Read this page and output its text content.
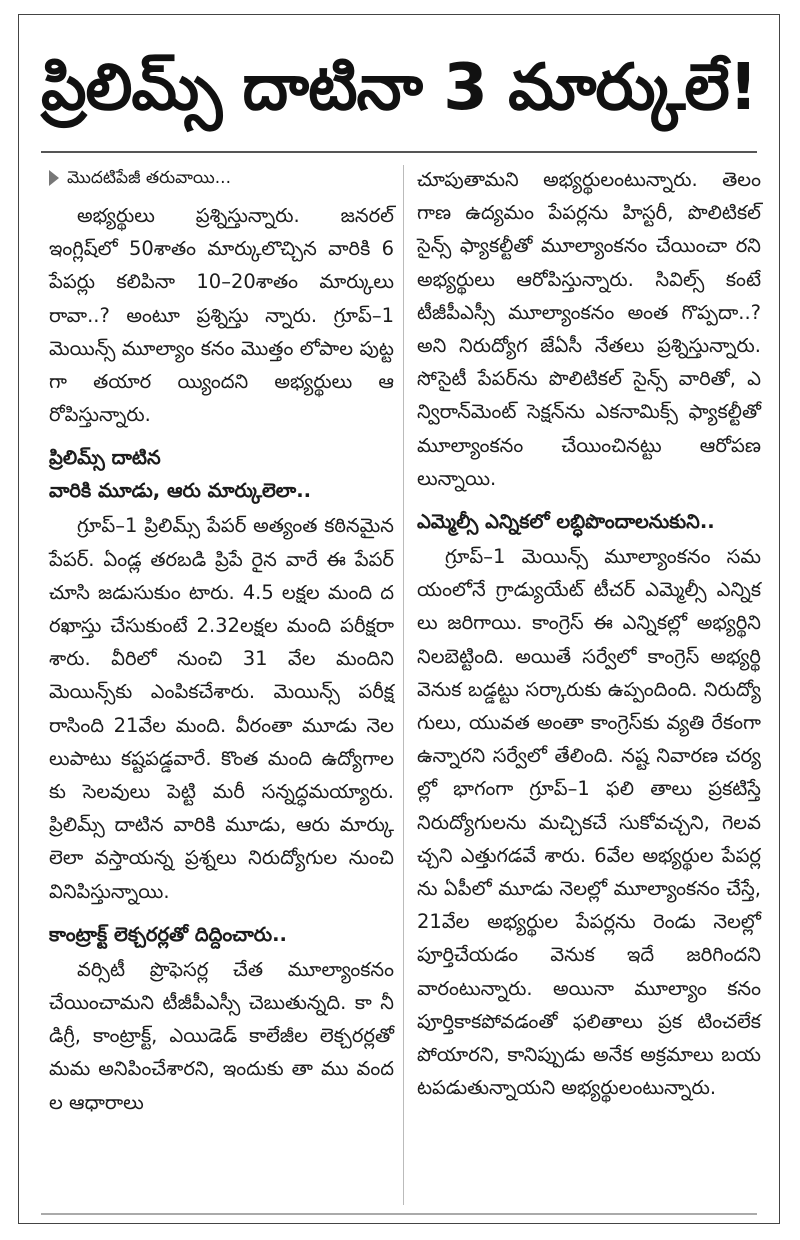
ప్రిలిమ్స్ దాటినా 3 మార్కులే!
మొదటిపేజీ తరువాయి...

అభ్యర్థులు ప్రశ్నిస్తున్నారు. జనరల్ ఇంగ్లిష్‌లో 50శాతం మార్కులొచ్చిన వారికి 6 పేపర్లు కలిపినా 10–20శాతం మార్కులు రావా..? అంటూ ప్రశ్నిస్తు న్నారు. గ్రూప్–1 మెయిన్స్ మూల్యాం కనం మొత్తం లోపాల పుట్టగా తయార య్యిందని అభ్యర్థులు ఆరోపిస్తున్నారు.

ప్రిలిమ్స్ దాటిన
వారికి మూడు, ఆరు మార్కులెలా..

గ్రూప్–1 ప్రిలిమ్స్ పేపర్ అత్యంత కఠినమైన పేపర్. ఏండ్ల తరబడి ప్రిపే రైన వారే ఈ పేపర్ చూసి జడుసుకుం టారు. 4.5 లక్షల మంది దరఖాస్తు చేసుకుంటే 2.32లక్షల మంది పరీక్షరా శారు. వీరిలో నుంచి 31 వేల మందిని మెయిన్స్‌కు ఎంపికచేశారు. మెయిన్స్ పరీక్ష రాసింది 21వేల మంది. వీరంతా మూడు నెలలుపాటు కష్టపడ్డవారే. కొంత మంది ఉద్యోగాలకు సెలవులు పెట్టి మరీ సన్నద్ధమయ్యారు. ప్రిలిమ్స్ దాటిన వారికి మూడు, ఆరు మార్కు లెలా వస్తాయన్న ప్రశ్నలు నిరుద్యోగుల నుంచి వినిపిస్తున్నాయి.

కాంట్రాక్ట్ లెక్చరర్లతో దిద్దించారు..

వర్సిటీ ప్రొఫెసర్ల చేత మూల్యాంకనం చేయించామని టీజీపీఎస్సీ చెబుతున్నది. కా నీ డిగ్రీ, కాంట్రాక్ట్, ఎయిడెడ్ కాలేజీల లెక్చరర్లతో మమ అనిపించేశారని, ఇందుకు తా ము వందల ఆధారాలు

చూపుతామని అభ్యర్థులంటున్నారు. తెలం గాణ ఉద్యమం పేపర్లను హిస్టరీ, పొలిటికల్ సైన్స్ ఫ్యాకల్టీతో మూల్యాంకనం చేయించా రని అభ్యర్థులు ఆరోపిస్తున్నారు. సివిల్స్ కంటే టీజీపీఎస్సీ మూల్యాంకనం అంత గొప్పదా..? అని నిరుద్యోగ జేఏసీ నేతలు ప్రశ్నిస్తున్నారు. సోసైటీ పేపర్‌ను పొలిటికల్ సైన్స్ వారితో, ఎన్విరాన్‌మెంట్ సెక్షన్‌ను ఎకనామిక్స్ ఫ్యాకల్టీతో మూల్యాంకనం చేయించినట్టు ఆరోపణలున్నాయి.

ఎమ్మెల్సీ ఎన్నికలో లబ్ధిపొందాలనుకుని..

గ్రూప్–1 మెయిన్స్ మూల్యాంకనం సమయంలోనే గ్రాడ్యుయేట్ టీచర్ ఎమ్మెల్సీ ఎన్నికలు జరిగాయి. కాంగ్రెస్ ఈ ఎన్నికల్లో అభ్యర్థిని నిలబెట్టింది. అయితే సర్వేలో కాంగ్రెస్ అభ్యర్థి వెనుక బడ్డట్టు సర్కారుకు ఉప్పందింది. నిరుద్యో గులు, యువత అంతా కాంగ్రెస్‌కు వ్యతి రేకంగా ఉన్నారని సర్వేలో తేలింది. నష్ట నివారణ చర్యల్లో భాగంగా గ్రూప్–1 ఫలి తాలు ప్రకటిస్తే నిరుద్యోగులను మచ్చికచే సుకోవచ్చని, గెలవచ్చని ఎత్తుగడవే శారు. 6వేల అభ్యర్థుల పేపర్లను ఏపీలో మూడు నెలల్లో మూల్యాంకనం చేస్తే, 21వేల అభ్యర్థుల పేపర్లను రెండు నెలల్లో పూర్తిచేయడం వెనుక ఇదే జరిగిందని వారంటున్నారు. అయినా మూల్యాం కనం పూర్తికాకపోవడంతో ఫలితాలు ప్రక టించలేకపోయారని, కానిప్పుడు అనేక అక్రమాలు బయటపడుతున్నాయని అభ్యర్థులంటున్నారు.
